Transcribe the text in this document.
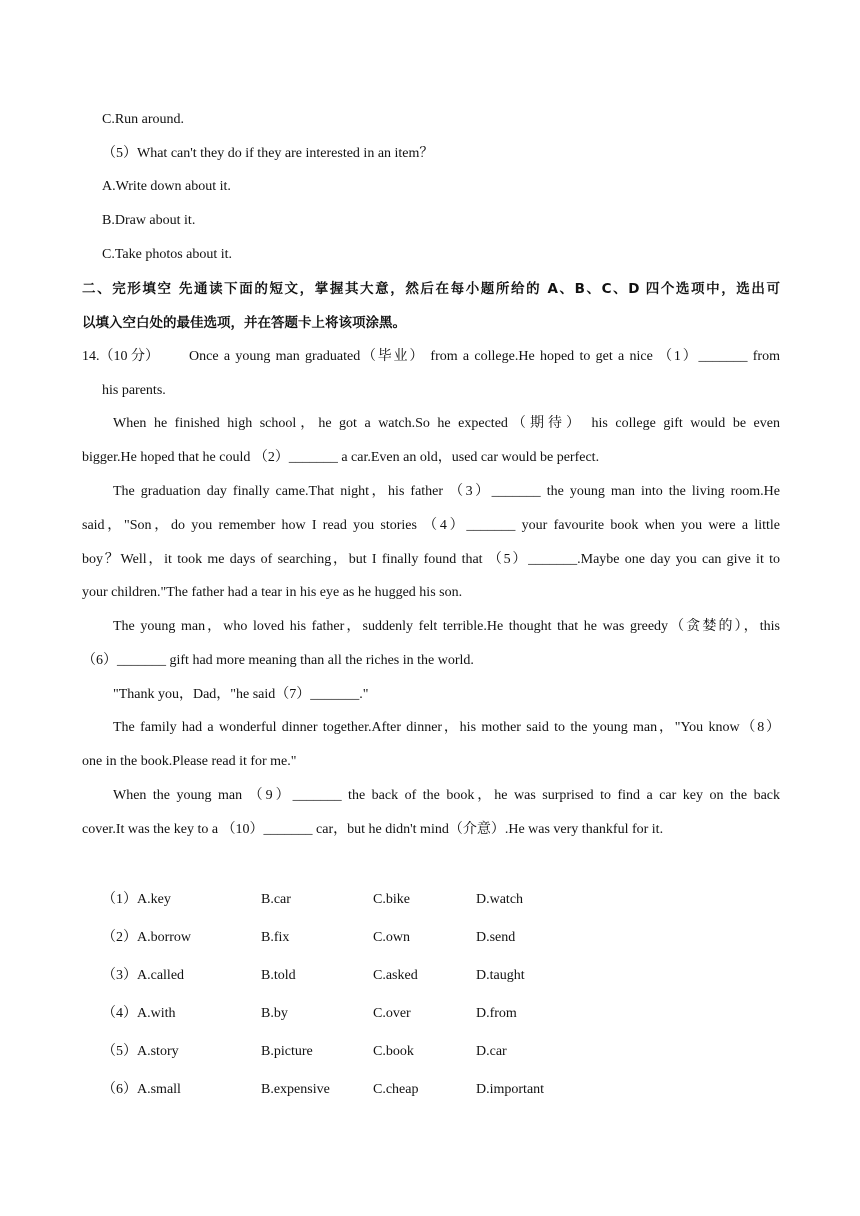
C.Run around.
（5）What can't they do if they are interested in an item？
A.Write down about it.
B.Draw about it.
C.Take photos about it.
二、完形填空 先通读下面的短文，掌握其大意，然后在每小题所给的 A、B、C、D 四个选项中，选出可
以填入空白处的最佳选项，并在答题卡上将该项涂黑。
14.（10 分） Once a young man graduated（毕业） from a college.He hoped to get a nice （1）_______ from
his parents.
When he finished high school，he got a watch.So he expected（期待） his college gift would be even
bigger.He hoped that he could （2）_______ a car.Even an old，used car would be perfect.
The graduation day finally came.That night，his father （3）_______ the young man into the living room.He
said，"Son，do you remember how I read you stories （4）_______ your favourite book when you were a little
boy？Well，it took me days of searching，but I finally found that （5）_______.Maybe one day you can give it to
your children."The father had a tear in his eye as he hugged his son.
The young man，who loved his father，suddenly felt terrible.He thought that he was greedy（贪婪的），this
（6）_______ gift had more meaning than all the riches in the world.
"Thank you，Dad，"he said（7）_______."
The family had a wonderful dinner together.After dinner，his mother said to the young man，"You know（8）
one in the book.Please read it for me."
When the young man （9）_______ the back of the book，he was surprised to find a car key on the back
cover.It was the key to a （10）_______ car，but he didn't mind（介意）.He was very thankful for it.
（1）A.key	B.car	C.bike	D.watch
（2）A.borrow	B.fix	C.own	D.send
（3）A.called	B.told	C.asked	D.taught
（4）A.with	B.by	C.over	D.from
（5）A.story	B.picture	C.book	D.car
（6）A.small	B.expensive	C.cheap	D.important
